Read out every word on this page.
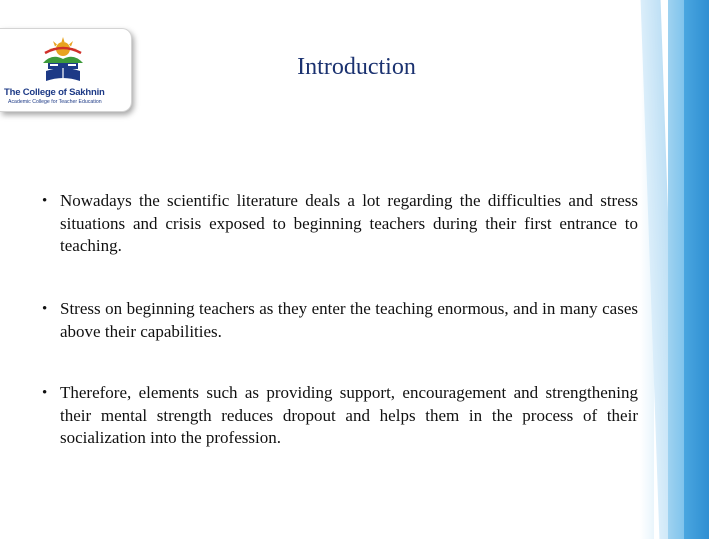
The College of Sakhnin
Academic College for Teacher Education
Introduction
• Nowadays the scientific literature deals a lot regarding the difficulties and stress situations and crisis exposed to beginning teachers during their first entrance to teaching.
• Stress on beginning teachers as they enter the teaching enormous, and in many cases above their capabilities.
• Therefore, elements such as providing support, encouragement and strengthening their mental strength reduces dropout and helps them in the process of their socialization into the profession.
